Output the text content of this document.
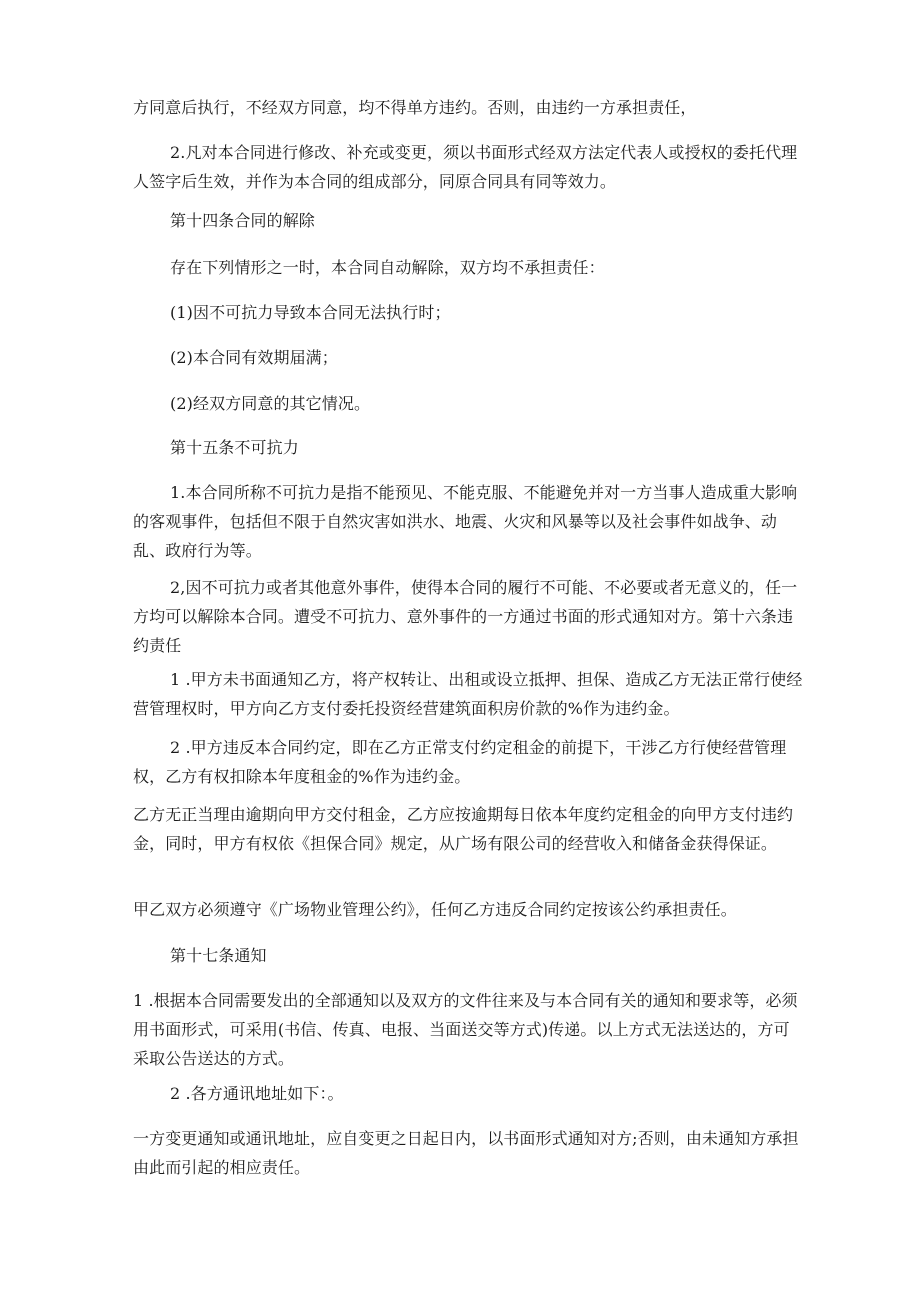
方同意后执行，不经双方同意，均不得单方违约。否则，由违约一方承担责任，

2.凡对本合同进行修改、补充或变更，须以书面形式经双方法定代表人或授权的委托代理人签字后生效，并作为本合同的组成部分，同原合同具有同等效力。

第十四条合同的解除

存在下列情形之一时，本合同自动解除，双方均不承担责任：

(1)因不可抗力导致本合同无法执行时；

(2)本合同有效期届满；

(2)经双方同意的其它情况。

第十五条不可抗力

1.本合同所称不可抗力是指不能预见、不能克服、不能避免并对一方当事人造成重大影响的客观事件，包括但不限于自然灾害如洪水、地震、火灾和风暴等以及社会事件如战争、动乱、政府行为等。

2,因不可抗力或者其他意外事件，使得本合同的履行不可能、不必要或者无意义的，任一方均可以解除本合同。遭受不可抗力、意外事件的一方通过书面的形式通知对方。第十六条违约责任

1 .甲方未书面通知乙方，将产权转让、出租或设立抵押、担保、造成乙方无法正常行使经营管理权时，甲方向乙方支付委托投资经营建筑面积房价款的%作为违约金。

2 .甲方违反本合同约定，即在乙方正常支付约定租金的前提下，干涉乙方行使经营管理权，乙方有权扣除本年度租金的%作为违约金。

乙方无正当理由逾期向甲方交付租金，乙方应按逾期每日依本年度约定租金的向甲方支付违约金，同时，甲方有权依《担保合同》规定，从广场有限公司的经营收入和储备金获得保证。

甲乙双方必须遵守《广场物业管理公约》，任何乙方违反合同约定按该公约承担责任。

第十七条通知

1 .根据本合同需要发出的全部通知以及双方的文件往来及与本合同有关的通知和要求等，必须用书面形式，可采用(书信、传真、电报、当面送交等方式)传递。以上方式无法送达的，方可采取公告送达的方式。

2 .各方通讯地址如下：。

一方变更通知或通讯地址，应自变更之日起日内，以书面形式通知对方;否则，由未通知方承担由此而引起的相应责任。
